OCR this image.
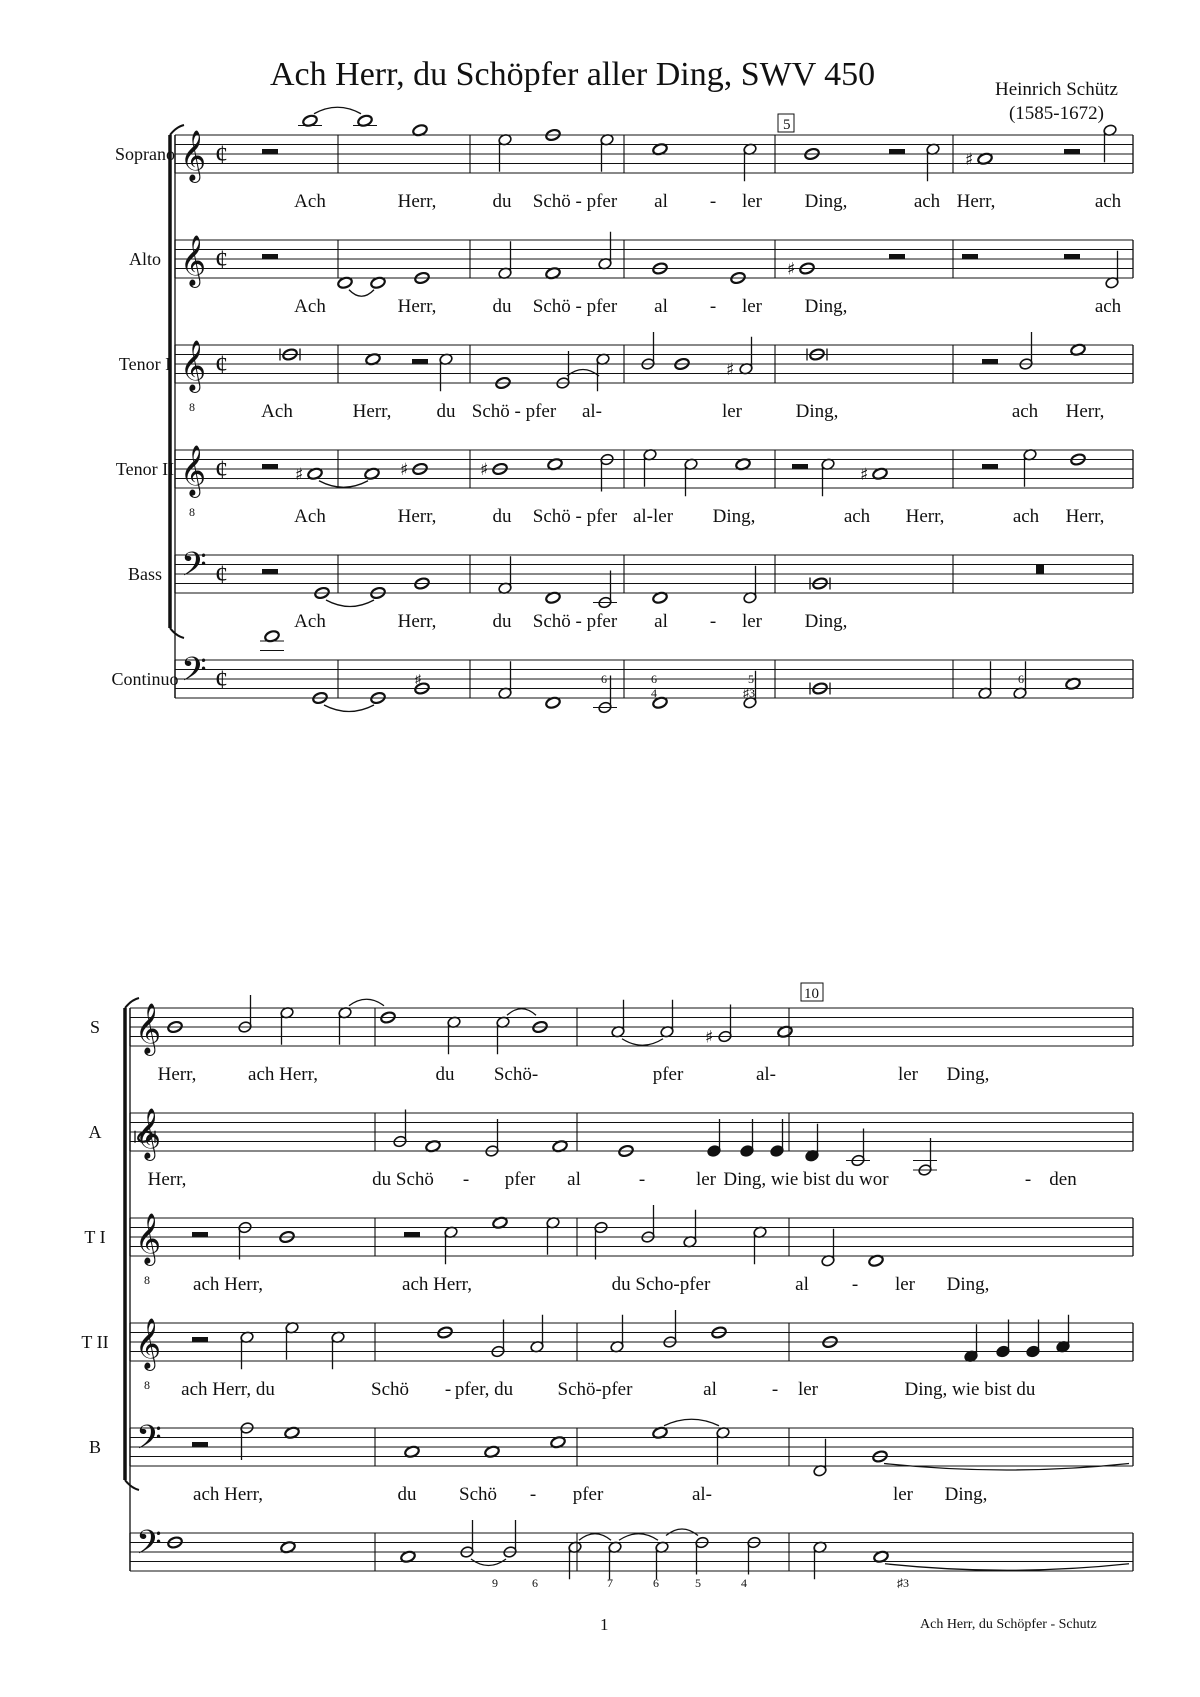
Ach Herr, du Schöpfer aller Ding, SWV 450	Heinrich Schütz
(1585-1672)
5
𝄞 ¢	♯
Soprano
𝄞 ¢	♯
Alto
𝄞
8
¢	♯
Tenor I
𝄞
8
¢	♯	♯	♯	♯
Tenor II
𝄢 ¢
Bass
𝄢 ¢
Continuo
Ach	Herr,	du Schö - pfer al - ler Ding,	ach Herr,	ach
Ach	Herr,	du Schö - pfer al - ler Ding,	ach
Ach	Herr, du Schö - pfer al-	ler	Ding,	ach Herr,
Ach	Herr,	du Schö - pfer al-ler Ding,	ach Herr,	ach Herr,
Ach	Herr,	du Schö - pfer al - ler Ding,
♯	6	6
4
5
♯3
6
10
𝄞	♯
S
𝄞
A
𝄞
8
T I
𝄞
8
T II
𝄢
B
𝄢
Herr,	ach Herr,	du Schö-	pfer	al-	ler Ding,
Herr,	du Schö - pfer al	-	ler Ding, wie bist du wor	- den
ach Herr,	ach Herr,	du Scho-pfer	al - ler Ding,
ach Herr, du	Schö - pfer, du Schö-pfer	al	- ler	Ding, wie bist du
ach Herr,	du Schö - pfer	al-	ler Ding,
9	6	7	6	5	4	♯3
1	Ach Herr, du Schöpfer - Schutz
